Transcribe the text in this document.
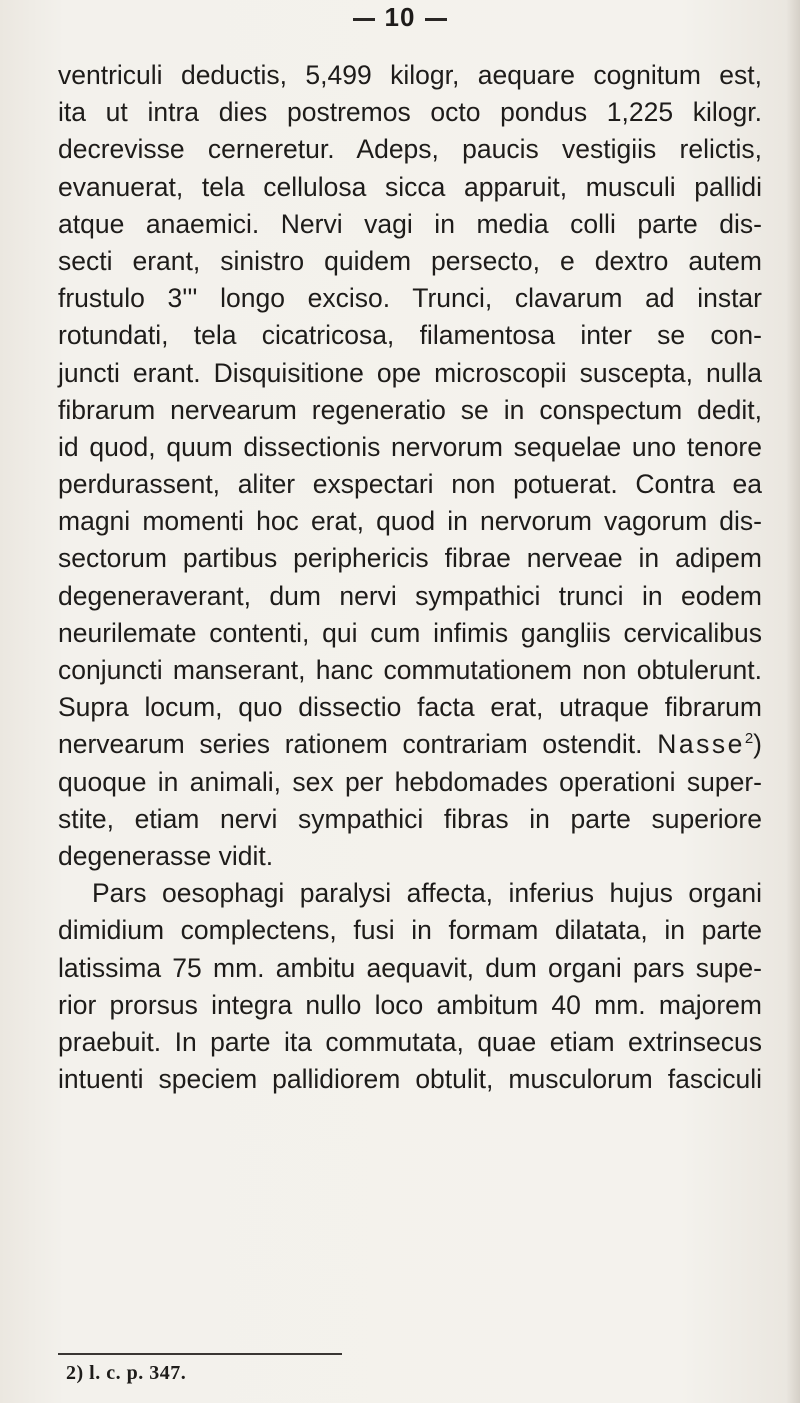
10
ventriculi deductis, 5,499 kilogr, aequare cognitum est,
ita ut intra dies postremos octo pondus 1,225 kilogr.
decrevisse cerneretur. Adeps, paucis vestigiis relictis,
evanuerat, tela cellulosa sicca apparuit, musculi pallidi
atque anaemici. Nervi vagi in media colli parte dis-
secti erant, sinistro quidem persecto, e dextro autem
frustulo 3''' longo exciso. Trunci, clavarum ad instar
rotundati, tela cicatricosa, filamentosa inter se con-
juncti erant. Disquisitione ope microscopii suscepta, nulla
fibrarum nervearum regeneratio se in conspectum dedit,
id quod, quum dissectionis nervorum sequelae uno tenore
perdurassent, aliter exspectari non potuerat. Contra ea
magni momenti hoc erat, quod in nervorum vagorum dis-
sectorum partibus periphericis fibrae nerveae in adipem
degeneraverant, dum nervi sympathici trunci in eodem
neurilemate contenti, qui cum infimis gangliis cervicalibus
conjuncti manserant, hanc commutationem non obtulerunt.
Supra locum, quo dissectio facta erat, utraque fibrarum
nervearum series rationem contrariam ostendit. Nasse$^2$)
quoque in animali, sex per hebdomades operationi super-
stite, etiam nervi sympathici fibras in parte superiore
degenerasse vidit.
Pars oesophagi paralysi affecta, inferius hujus organi
dimidium complectens, fusi in formam dilatata, in parte
latissima 75 mm. ambitu aequavit, dum organi pars supe-
rior prorsus integra nullo loco ambitum 40 mm. majorem
praebuit. In parte ita commutata, quae etiam extrinsecus
intuenti speciem pallidiorem obtulit, musculorum fasciculi
2) l. c. p. 347.
